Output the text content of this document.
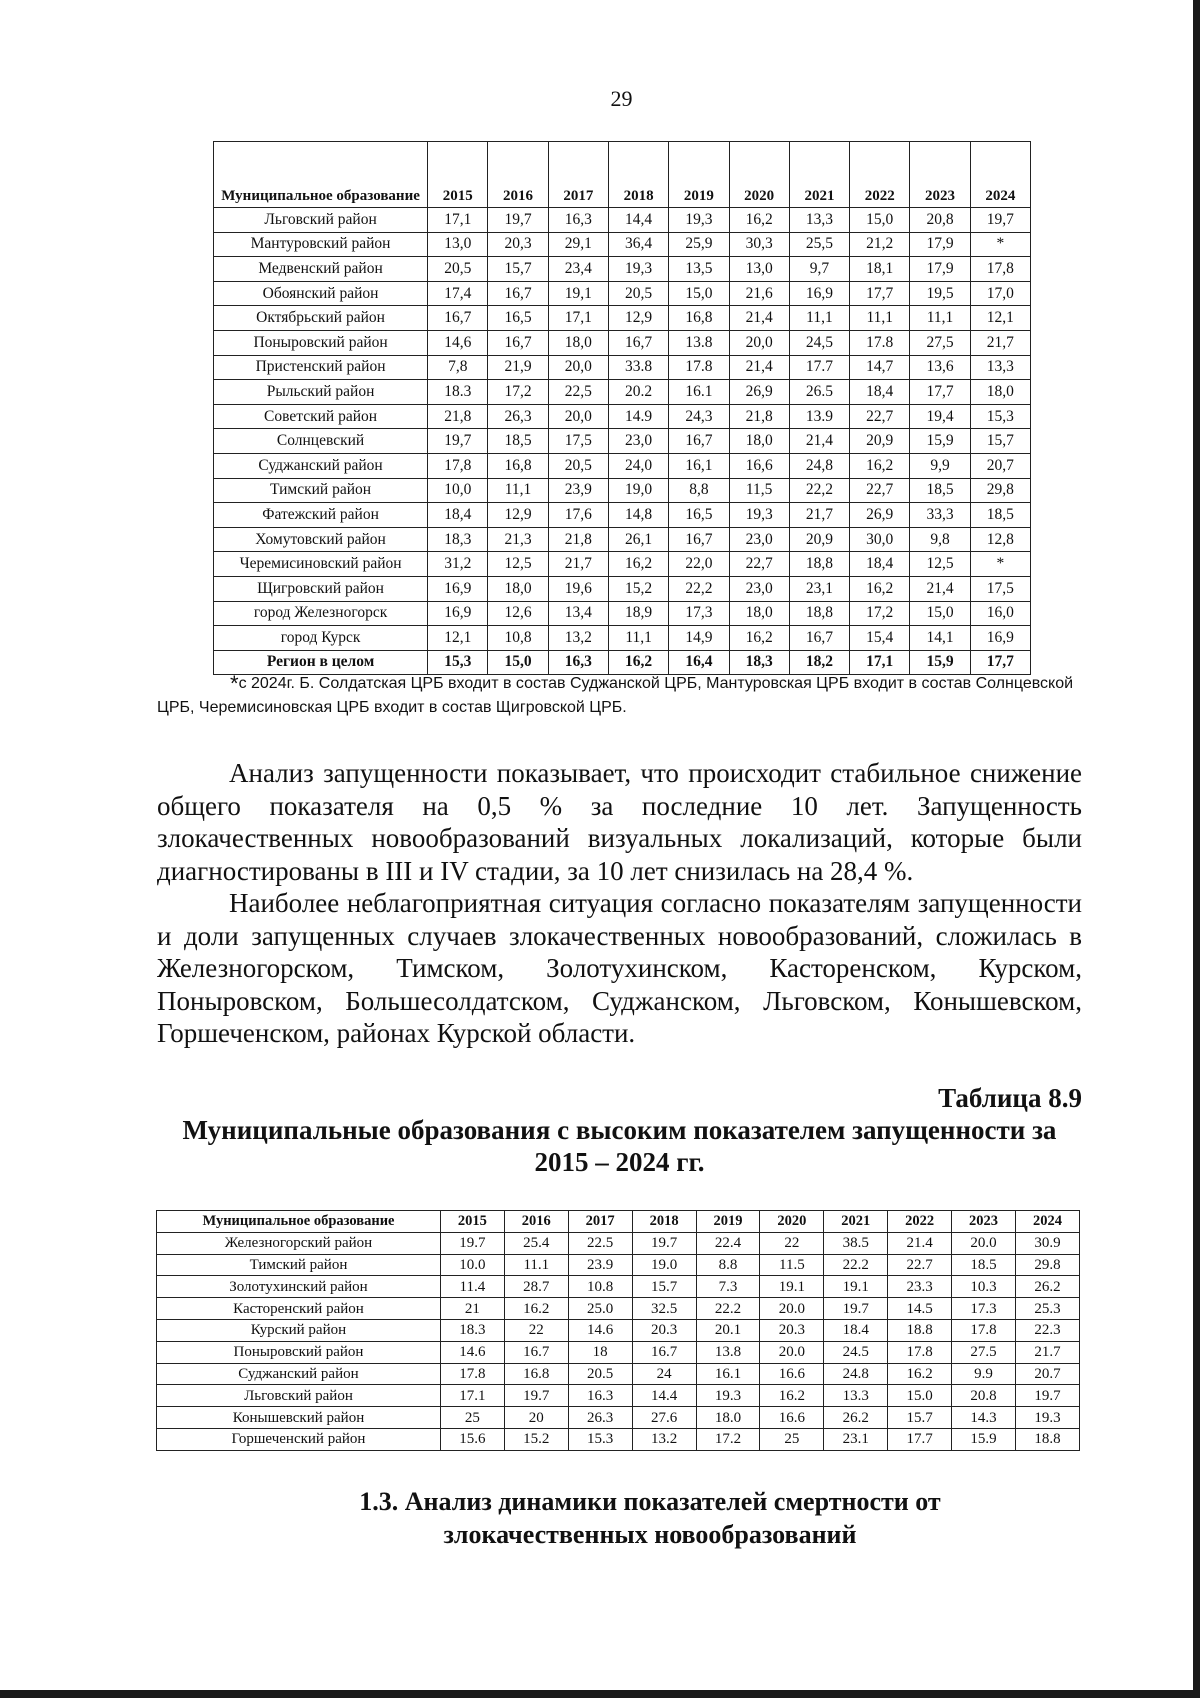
29
Муниципальное образование	2015	2016	2017	2018	2019	2020	2021	2022	2023	2024
Льговский район	17,1	19,7	16,3	14,4	19,3	16,2	13,3	15,0	20,8	19,7
Мантуровский район	13,0	20,3	29,1	36,4	25,9	30,3	25,5	21,2	17,9	*
Медвенский район	20,5	15,7	23,4	19,3	13,5	13,0	9,7	18,1	17,9	17,8
Обоянский район	17,4	16,7	19,1	20,5	15,0	21,6	16,9	17,7	19,5	17,0
Октябрьский район	16,7	16,5	17,1	12,9	16,8	21,4	11,1	11,1	11,1	12,1
Поныровский район	14,6	16,7	18,0	16,7	13.8	20,0	24,5	17.8	27,5	21,7
Пристенский район	7,8	21,9	20,0	33.8	17.8	21,4	17.7	14,7	13,6	13,3
Рыльский район	18.3	17,2	22,5	20.2	16.1	26,9	26.5	18,4	17,7	18,0
Советский район	21,8	26,3	20,0	14.9	24,3	21,8	13.9	22,7	19,4	15,3
Солнцевский	19,7	18,5	17,5	23,0	16,7	18,0	21,4	20,9	15,9	15,7
Суджанский район	17,8	16,8	20,5	24,0	16,1	16,6	24,8	16,2	9,9	20,7
Тимский район	10,0	11,1	23,9	19,0	8,8	11,5	22,2	22,7	18,5	29,8
Фатежский район	18,4	12,9	17,6	14,8	16,5	19,3	21,7	26,9	33,3	18,5
Хомутовский район	18,3	21,3	21,8	26,1	16,7	23,0	20,9	30,0	9,8	12,8
Черемисиновский район	31,2	12,5	21,7	16,2	22,0	22,7	18,8	18,4	12,5	*
Щигровский район	16,9	18,0	19,6	15,2	22,2	23,0	23,1	16,2	21,4	17,5
город Железногорск	16,9	12,6	13,4	18,9	17,3	18,0	18,8	17,2	15,0	16,0
город Курск	12,1	10,8	13,2	11,1	14,9	16,2	16,7	15,4	14,1	16,9
Регион в целом	15,3	15,0	16,3	16,2	16,4	18,3	18,2	17,1	15,9	17,7
*с 2024г. Б. Солдатская ЦРБ входит в состав Суджанской ЦРБ, Мантуровская ЦРБ входит в состав Солнцевской ЦРБ, Черемисиновская ЦРБ входит в состав Щигровской ЦРБ.

Анализ запущенности показывает, что происходит стабильное снижение общего показателя на 0,5 % за последние 10 лет. Запущенность злокачественных новообразований визуальных локализаций, которые были диагностированы в III и IV стадии, за 10 лет снизилась на 28,4 %.

Наиболее неблагоприятная ситуация согласно показателям запущенности и доли запущенных случаев злокачественных новообразований, сложилась в Железногорском, Тимском, Золотухинском, Касторенском, Курском, Поныровском, Большесолдатском, Суджанском, Льговском, Конышевском, Горшеченском, районах Курской области.

Таблица 8.9
Муниципальные образования с высоким показателем запущенности за 2015 – 2024 гг.
Муниципальное образование	2015	2016	2017	2018	2019	2020	2021	2022	2023	2024
Железногорский район	19.7	25.4	22.5	19.7	22.4	22	38.5	21.4	20.0	30.9
Тимский район	10.0	11.1	23.9	19.0	8.8	11.5	22.2	22.7	18.5	29.8
Золотухинский район	11.4	28.7	10.8	15.7	7.3	19.1	19.1	23.3	10.3	26.2
Касторенский район	21	16.2	25.0	32.5	22.2	20.0	19.7	14.5	17.3	25.3
Курский район	18.3	22	14.6	20.3	20.1	20.3	18.4	18.8	17.8	22.3
Поныровский район	14.6	16.7	18	16.7	13.8	20.0	24.5	17.8	27.5	21.7
Суджанский район	17.8	16.8	20.5	24	16.1	16.6	24.8	16.2	9.9	20.7
Льговский район	17.1	19.7	16.3	14.4	19.3	16.2	13.3	15.0	20.8	19.7
Конышевский район	25	20	26.3	27.6	18.0	16.6	26.2	15.7	14.3	19.3
Горшеченский район	15.6	15.2	15.3	13.2	17.2	25	23.1	17.7	15.9	18.8
1.3. Анализ динамики показателей смертности от
злокачественных новообразований
